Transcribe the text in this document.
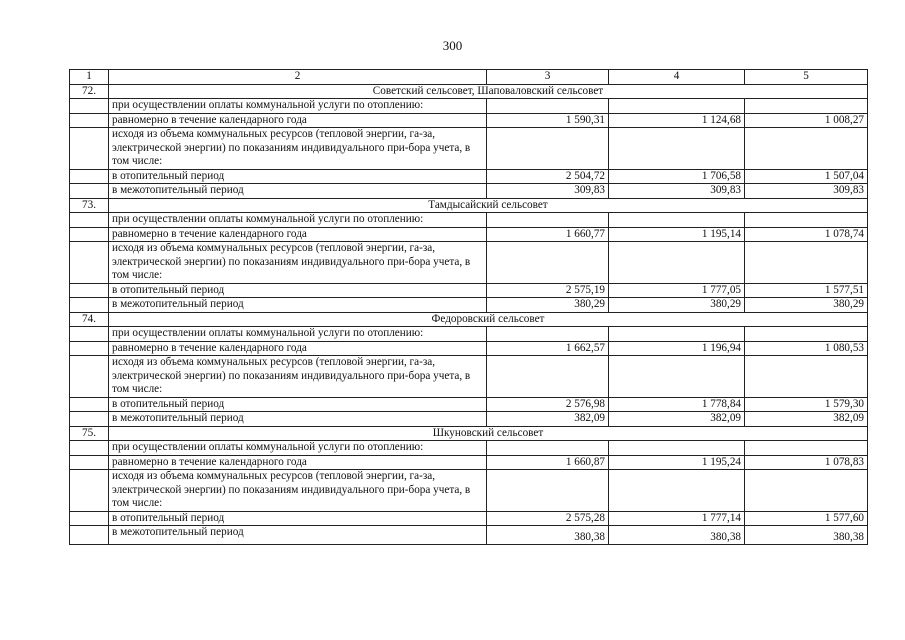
300
1	2	3	4	5
72.	Советский сельсовет, Шаповаловский сельсовет			
	при осуществлении оплаты коммунальной услуги по отоплению:			
	равномерно в течение календарного года	1 590,31	1 124,68	1 008,27
	исходя из объема коммунальных ресурсов (тепловой энергии, га-за, электрической энергии) по показаниям индивидуального при-бора учета, в том числе:			
	в отопительный период	2 504,72	1 706,58	1 507,04
	в межотопительный период	309,83	309,83	309,83
73.	Тамдысайский сельсовет			
	при осуществлении оплаты коммунальной услуги по отоплению:			
	равномерно в течение календарного года	1 660,77	1 195,14	1 078,74
	исходя из объема коммунальных ресурсов (тепловой энергии, га-за, электрической энергии) по показаниям индивидуального при-бора учета, в том числе:			
	в отопительный период	2 575,19	1 777,05	1 577,51
	в межотопительный период	380,29	380,29	380,29
74.	Федоровский сельсовет			
	при осуществлении оплаты коммунальной услуги по отоплению:			
	равномерно в течение календарного года	1 662,57	1 196,94	1 080,53
	исходя из объема коммунальных ресурсов (тепловой энергии, га-за, электрической энергии) по показаниям индивидуального при-бора учета, в том числе:			
	в отопительный период	2 576,98	1 778,84	1 579,30
	в межотопительный период	382,09	382,09	382,09
75.	Шкуновский сельсовет			
	при осуществлении оплаты коммунальной услуги по отоплению:			
	равномерно в течение календарного года	1 660,87	1 195,24	1 078,83
	исходя из объема коммунальных ресурсов (тепловой энергии, га-за, электрической энергии) по показаниям индивидуального при-бора учета, в том числе:			
	в отопительный период	2 575,28	1 777,14	1 577,60
	в межотопительный период	380,38	380,38	380,38
